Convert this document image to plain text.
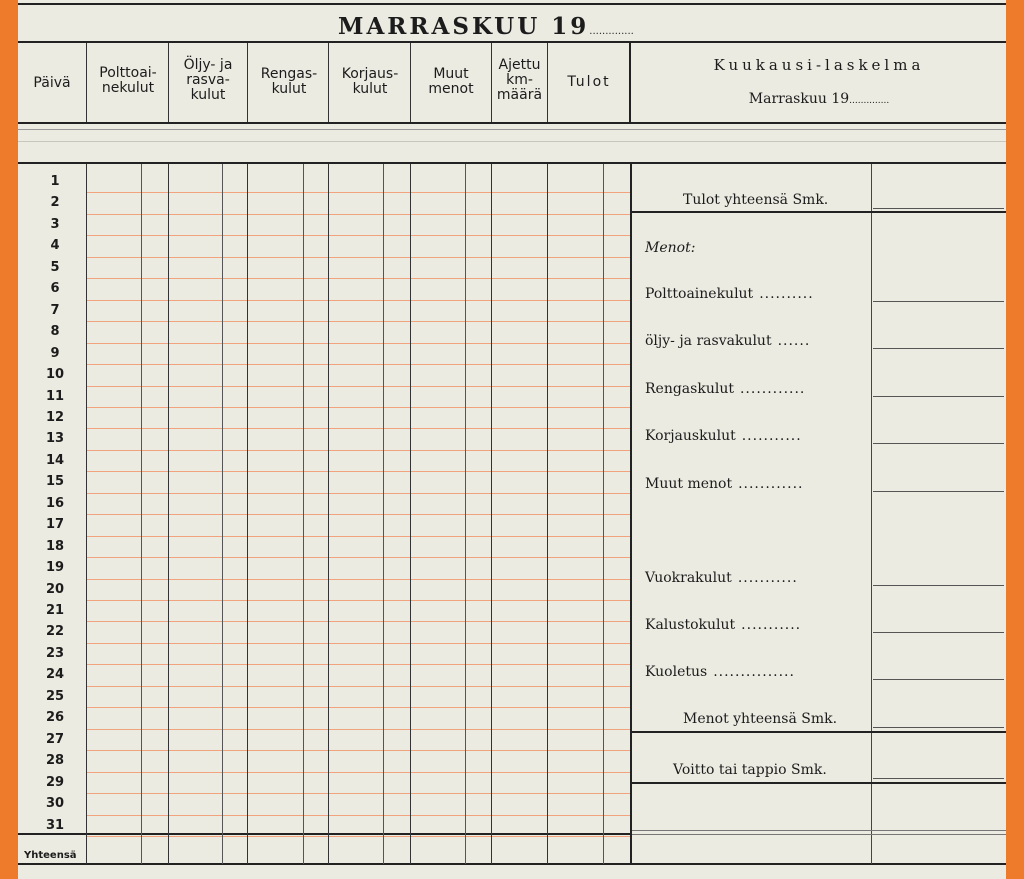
MARRASKUU 19..............
Päivä
Polttoai-
nekulut
Öljy- ja
rasva-
kulut
Rengas-
kulut
Korjaus-
kulut
Muut
menot
Ajettu
km-
määrä
Tulot
Kuukausi-laskelma
Marraskuu 19..............
1
2
3
4
5
6
7
8
9
10
11
12
13
14
15
16
17
18
19
20
21
22
23
24
25
26
27
28
29
30
31
Yhteensä
Tulot yhteensä Smk.
Menot:
Polttoainekulut ..........
öljy- ja rasvakulut ......
Rengaskulut ............
Korjauskulut ...........
Muut menot ............
Vuokrakulut ...........
Kalustokulut ...........
Kuoletus ...............
Menot yhteensä Smk.
Voitto tai tappio Smk.
